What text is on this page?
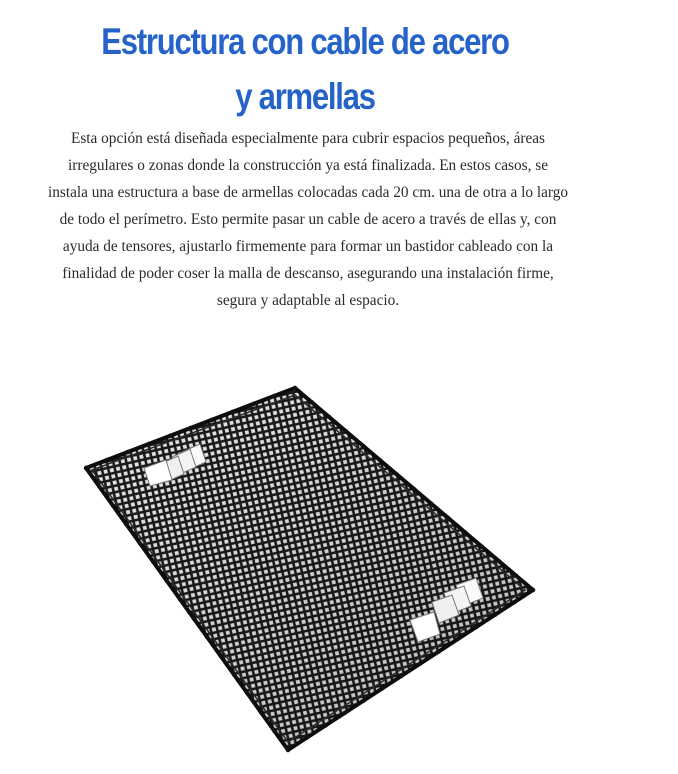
Estructura con cable de acero y armellas

Esta opción está diseñada especialmente para cubrir espacios pequeños, áreas irregulares o zonas donde la construcción ya está finalizada. En estos casos, se instala una estructura a base de armellas colocadas cada 20 cm. una de otra a lo largo de todo el perímetro. Esto permite pasar un cable de acero a través de ellas y, con ayuda de tensores, ajustarlo firmemente para formar un bastidor cableado con la finalidad de poder coser la malla de descanso, asegurando una instalación firme, segura y adaptable al espacio.
